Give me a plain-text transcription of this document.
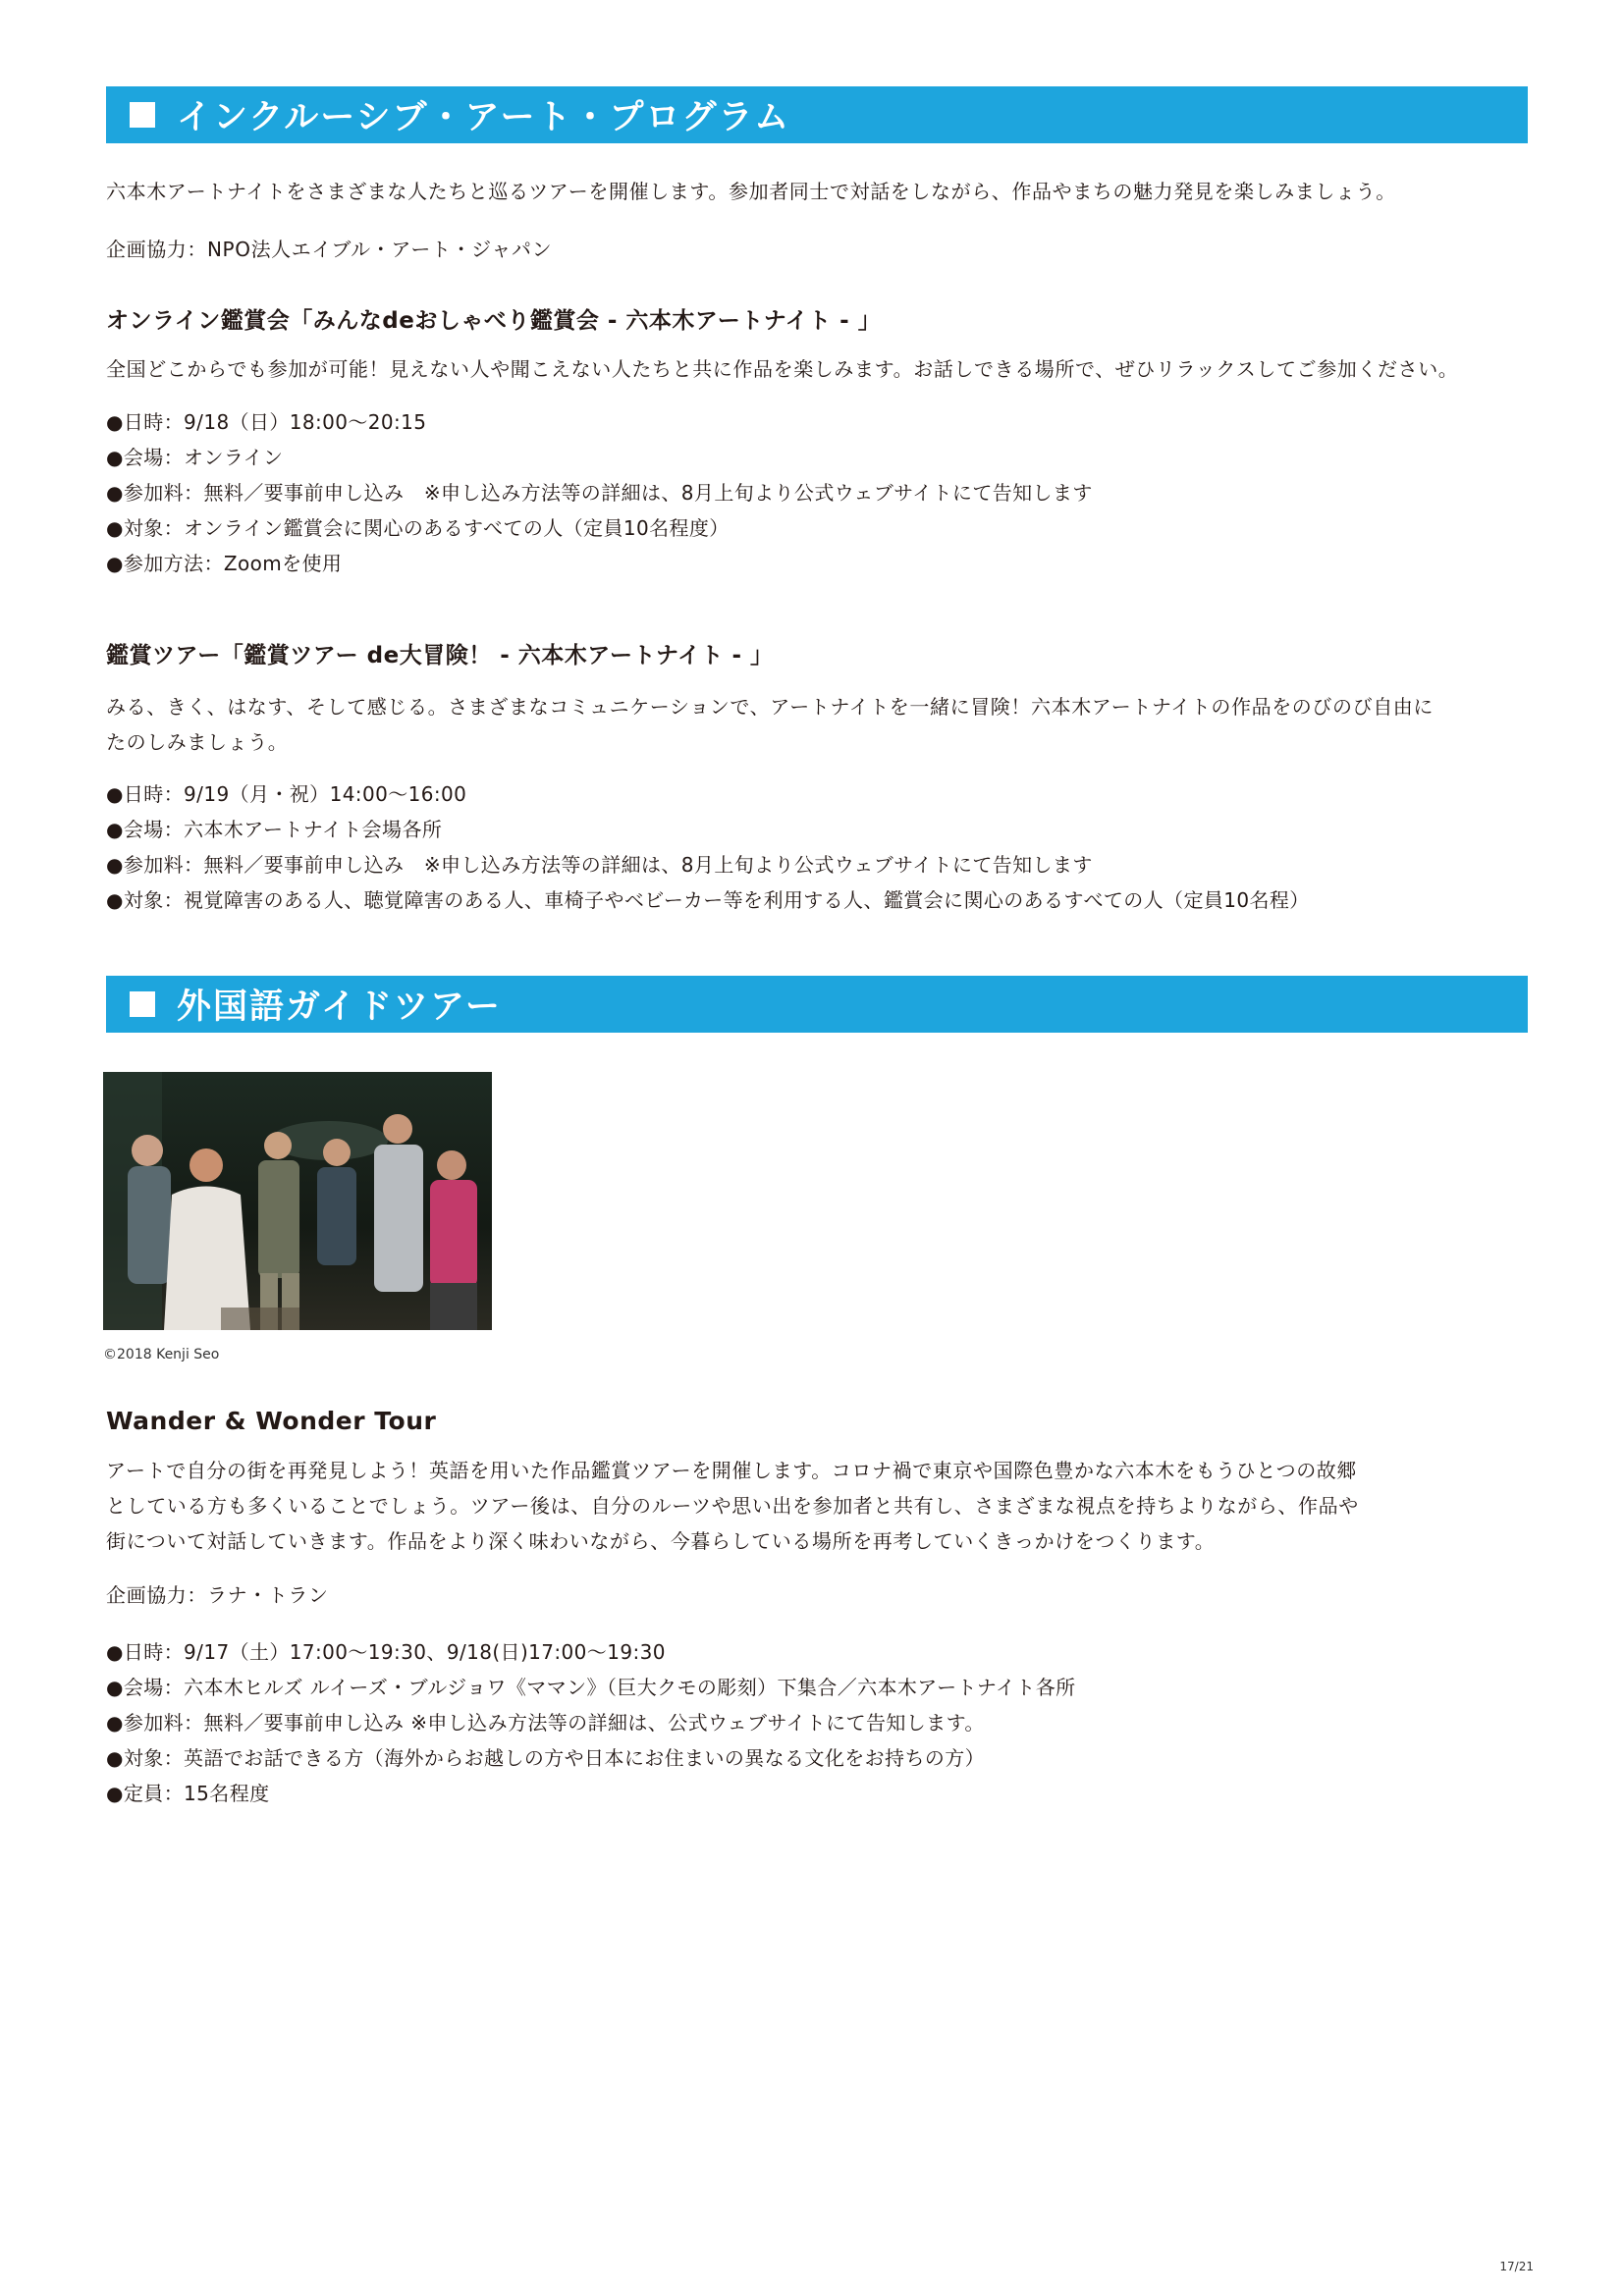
インクルーシブ・アート・プログラム

六本木アートナイトをさまざまな人たちと巡るツアーを開催します。参加者同士で対話をしながら、作品やまちの魅力発見を楽しみましょう。

企画協力：NPO法人エイブル・アート・ジャパン

オンライン鑑賞会「みんなdeおしゃべり鑑賞会 - 六本木アートナイト - 」

全国どこからでも参加が可能！見えない人や聞こえない人たちと共に作品を楽しみます。お話しできる場所で、ぜひリラックスしてご参加ください。

●日時：9/18（日）18:00〜20:15
●会場：オンライン
●参加料：無料／要事前申し込み　※申し込み方法等の詳細は、8月上旬より公式ウェブサイトにて告知します
●対象：オンライン鑑賞会に関心のあるすべての人（定員10名程度）
●参加方法：Zoomを使用

鑑賞ツアー「鑑賞ツアー de大冒険！ - 六本木アートナイト - 」

みる、きく、はなす、そして感じる。さまざまなコミュニケーションで、アートナイトを一緒に冒険！六本木アートナイトの作品をのびのび自由に

たのしみましょう。

●日時：9/19（月・祝）14:00〜16:00
●会場：六本木アートナイト会場各所
●参加料：無料／要事前申し込み　※申し込み方法等の詳細は、8月上旬より公式ウェブサイトにて告知します
●対象：視覚障害のある人、聴覚障害のある人、車椅子やベビーカー等を利用する人、鑑賞会に関心のあるすべての人（定員10名程）
外国語ガイドツアー
©2018 Kenji Seo

Wander & Wonder Tour

アートで自分の街を再発見しよう！英語を用いた作品鑑賞ツアーを開催します。コロナ禍で東京や国際色豊かな六本木をもうひとつの故郷

としている方も多くいることでしょう。ツアー後は、自分のルーツや思い出を参加者と共有し、さまざまな視点を持ちよりながら、作品や

街について対話していきます。作品をより深く味わいながら、今暮らしている場所を再考していくきっかけをつくります。

企画協力：ラナ・トラン

●日時：9/17（土）17:00〜19:30、9/18(日)17:00〜19:30
●会場：六本木ヒルズ ルイーズ・ブルジョワ《ママン》（巨大クモの彫刻）下集合／六本木アートナイト各所
●参加料：無料／要事前申し込み ※申し込み方法等の詳細は、公式ウェブサイトにて告知します。
●対象：英語でお話できる方（海外からお越しの方や日本にお住まいの異なる文化をお持ちの方）
●定員：15名程度
17/21
